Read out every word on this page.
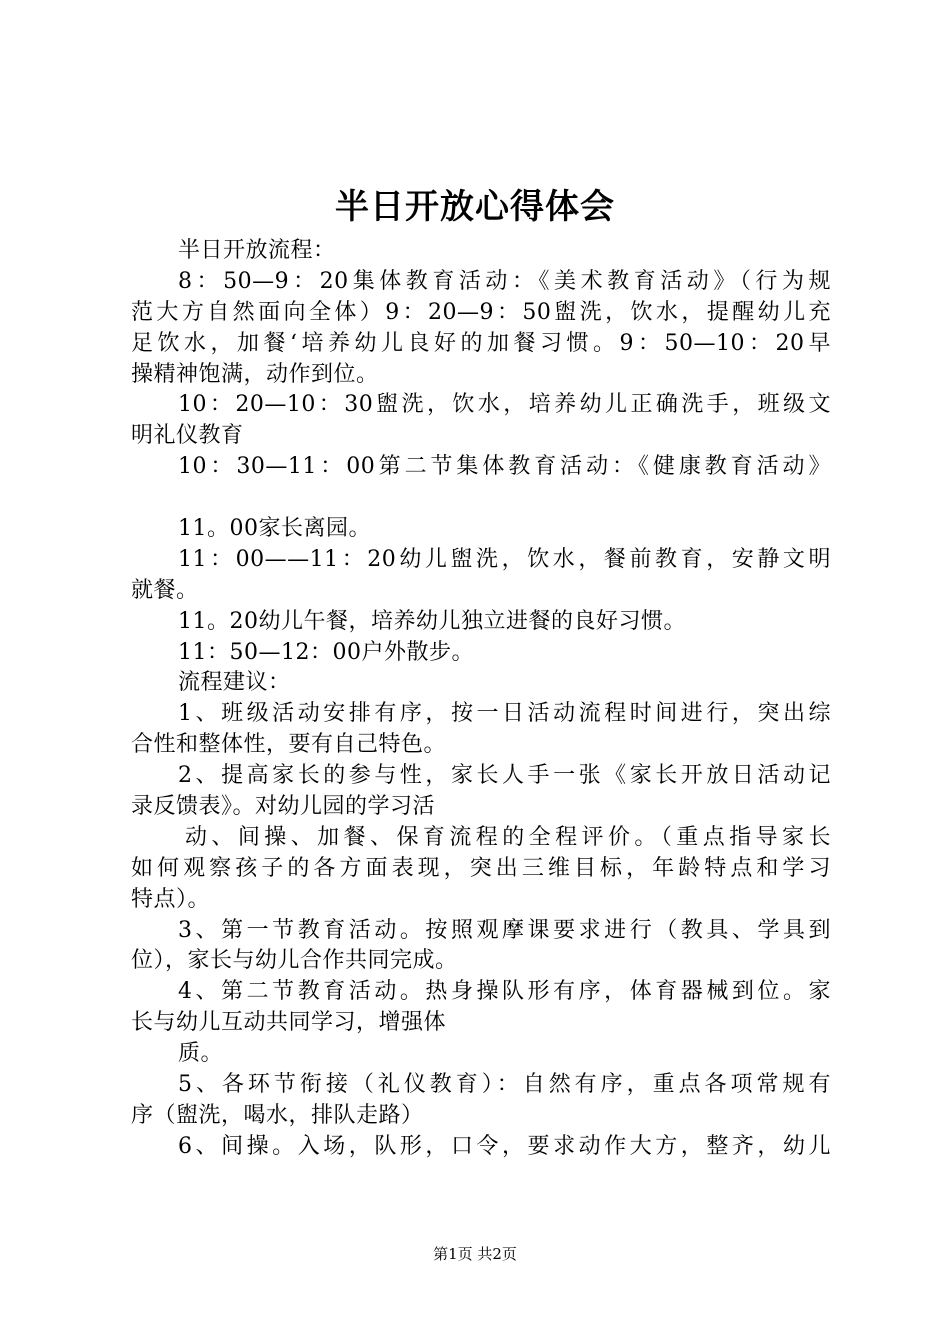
半日开放心得体会
半日开放流程：
8：50—9：20集体教育活动：《美术教育活动》（行为规
范大方自然面向全体）9：20—9：50盥洗，饮水，提醒幼儿充
足饮水，加餐‘培养幼儿良好的加餐习惯。9：50—10：20早
操精神饱满，动作到位。
10：20—10：30盥洗，饮水，培养幼儿正确洗手，班级文
明礼仪教育
10：30—11：00第二节集体教育活动：《健康教育活动》
11。00家长离园。
11：00——11：20幼儿盥洗，饮水，餐前教育，安静文明
就餐。
11。20幼儿午餐，培养幼儿独立进餐的良好习惯。
11：50—12：00户外散步。
流程建议：
1、班级活动安排有序，按一日活动流程时间进行，突出综
合性和整体性，要有自己特色。
2、提高家长的参与性，家长人手一张《家长开放日活动记
录反馈表》。对幼儿园的学习活
动、间操、加餐、保育流程的全程评价。（重点指导家长
如何观察孩子的各方面表现，突出三维目标，年龄特点和学习
特点）。
3、第一节教育活动。按照观摩课要求进行（教具、学具到
位），家长与幼儿合作共同完成。
4、第二节教育活动。热身操队形有序，体育器械到位。家
长与幼儿互动共同学习，增强体
质。
5、各环节衔接（礼仪教育）：自然有序，重点各项常规有
序（盥洗，喝水，排队走路）
6、间操。入场，队形，口令，要求动作大方，整齐，幼儿
第1页 共2页
